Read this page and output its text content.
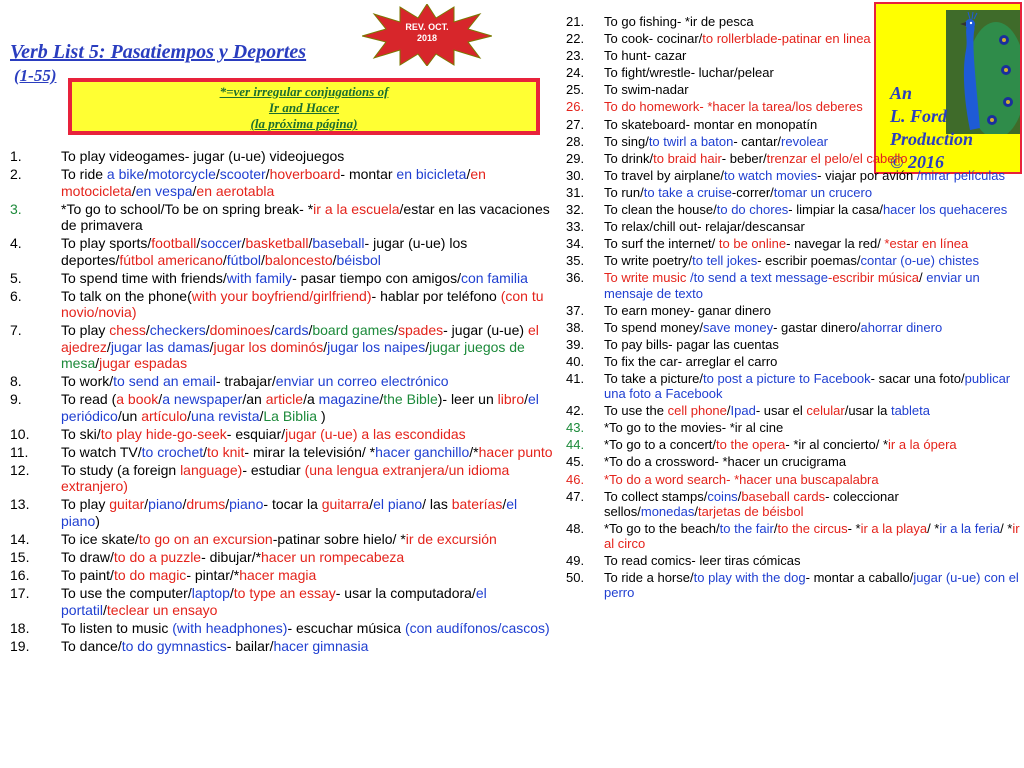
Verb List 5: Pasatiempos y Deportes
(1-55)
REV. OCT.
2018
*=ver irregular conjugations of
Ir and Hacer
(la próxima página)
An
L. Ford
Production
© 2016
1.	To play videogames- jugar (u-ue) videojuegos
2.	To ride a bike/motorcycle/scooter/hoverboard- montar en bicicleta/en motocicleta/en vespa/en aerotabla
3.	*To go to school/To be on spring break- *ir a la escuela/estar en las vacaciones de primavera
4.	To play sports/football/soccer/basketball/baseball- jugar (u-ue) los deportes/fútbol americano/fútbol/baloncesto/béisbol
5.	To spend time with friends/with family- pasar tiempo con amigos/con familia
6.	To talk on the phone(with your boyfriend/girlfriend)- hablar por teléfono (con tu novio/novia)
7.	To play chess/checkers/dominoes/cards/board games/spades- jugar (u-ue) el ajedrez/jugar las damas/jugar los dominós/jugar los naipes/jugar juegos de mesa/jugar espadas
8.	To work/to send an email- trabajar/enviar un correo electrónico
9.	To read (a book/a newspaper/an article/a magazine/the Bible)- leer un libro/el periódico/un artículo/una revista/La Biblia )
10. To ski/to play hide-go-seek- esquiar/jugar (u-ue) a las escondidas
11. To watch TV/to crochet/to knit- mirar la televisión/ *hacer ganchillo/*hacer punto
12. To study (a foreign language)- estudiar (una lengua extranjera/un idioma extranjero)
13. To play guitar/piano/drums/piano- tocar la guitarra/el piano/ las baterías/el piano)
14. To ice skate/to go on an excursion-patinar sobre hielo/ *ir de excursión
15. To draw/to do a puzzle- dibujar/*hacer un rompecabeza
16. To paint/to do magic- pintar/*hacer magia
17. To use the computer/laptop/to type an essay- usar la computadora/el portatil/teclear un ensayo
18. To listen to music (with headphones)- escuchar música (con audífonos/cascos)
19. To dance/to do gymnastics- bailar/hacer gimnasia
21. To go fishing- *ir de pesca
22. To cook- cocinar/to rollerblade-patinar en linea
23. To hunt- cazar
24. To fight/wrestle- luchar/pelear
25. To swim-nadar
26. To do homework- *hacer la tarea/los deberes
27. To skateboard- montar en monopatín
28. To sing/to twirl a baton- cantar/revolear
29. To drink/to braid hair- beber/trenzar el pelo/el cabello
30. To travel by airplane/to watch movies- viajar por avión /mirar películas
31. To run/to take a cruise-correr/tomar un crucero
32. To clean the house/to do chores- limpiar la casa/hacer los quehaceres
33. To relax/chill out- relajar/descansar
34. To surf the internet/ to be online- navegar la red/ *estar en línea
35. To write poetry/to tell jokes- escribir poemas/contar (o-ue) chistes
36. To write music /to send a text message-escribir música/ enviar un mensaje de texto
37. To earn money- ganar dinero
38. To spend money/save money- gastar dinero/ahorrar dinero
39. To pay bills- pagar las cuentas
40. To fix the car- arreglar el carro
41. To take a picture/to post a picture to Facebook- sacar una foto/publicar una foto a Facebook
42. To use the cell phone/Ipad- usar el celular/usar la tableta
43. *To go to the movies- *ir al cine
44. *To go to a concert/to the opera- *ir al concierto/ *ir a la ópera
45. *To do a crossword- *hacer un crucigrama
46. *To do a word search- *hacer una buscapalabra
47. To collect stamps/coins/baseball cards- coleccionar sellos/monedas/tarjetas de béisbol
48. *To go to the beach/to the fair/to the circus- *ir a la playa/ *ir a la feria/ *ir al circo
49. To read comics- leer tiras cómicas
50. To ride a horse/to play with the dog- montar a caballo/jugar (u-ue) con el perro
